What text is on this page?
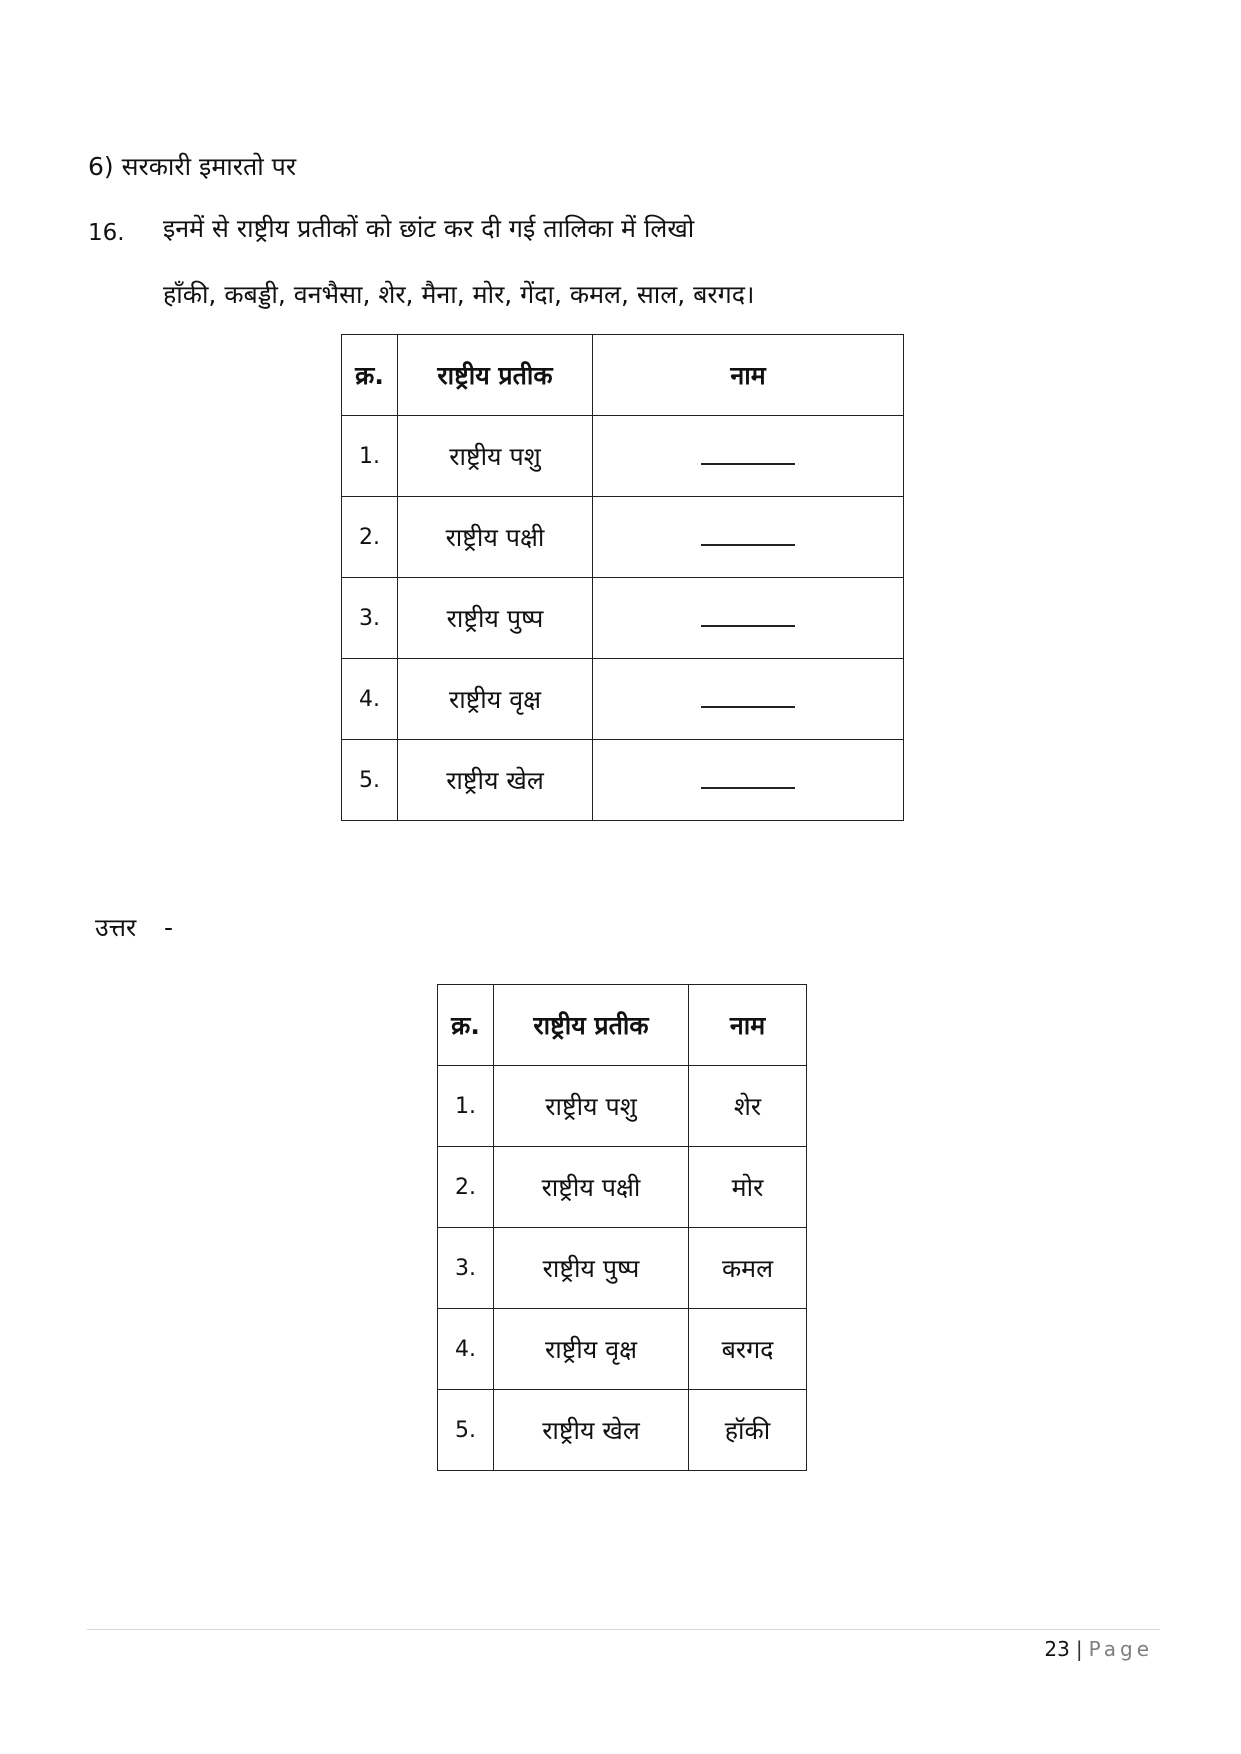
6) सरकारी इमारतो पर
16. इनमें से राष्ट्रीय प्रतीकों को छांट कर दी गई तालिका में लिखो
हाँकी, कबड्डी, वनभैसा, शेर, मैना, मोर, गेंदा, कमल, साल, बरगद।
क्र.	राष्ट्रीय प्रतीक	नाम
1.	राष्ट्रीय पशु	
2.	राष्ट्रीय पक्षी	
3.	राष्ट्रीय पुष्प	
4.	राष्ट्रीय वृक्ष	
5.	राष्ट्रीय खेल	
उत्तर -
क्र.	राष्ट्रीय प्रतीक	नाम
1.	राष्ट्रीय पशु	शेर
2.	राष्ट्रीय पक्षी	मोर
3.	राष्ट्रीय पुष्प	कमल
4.	राष्ट्रीय वृक्ष	बरगद
5.	राष्ट्रीय खेल	हॉकी
23 | Page
